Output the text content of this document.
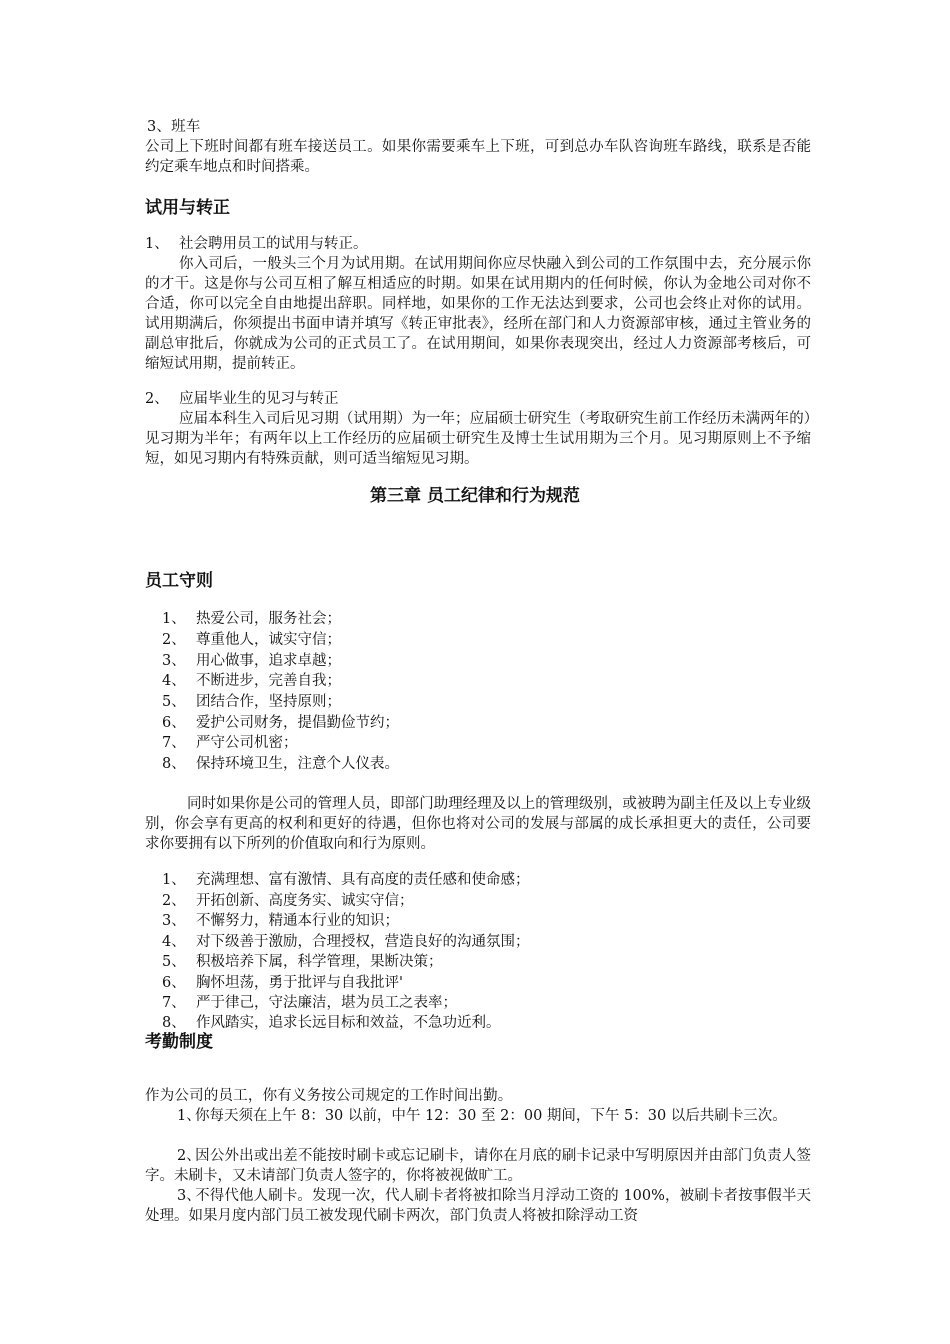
3、班车
公司上下班时间都有班车接送员工。如果你需要乘车上下班，可到总办车队咨询班车路线，联系是否能约定乘车地点和时间搭乘。
试用与转正
1、 社会聘用员工的试用与转正。
你入司后，一般头三个月为试用期。在试用期间你应尽快融入到公司的工作氛围中去，充分展示你的才干。这是你与公司互相了解互相适应的时期。如果在试用期内的任何时候，你认为金地公司对你不合适，你可以完全自由地提出辞职。同样地，如果你的工作无法达到要求，公司也会终止对你的试用。试用期满后，你须提出书面申请并填写《转正审批表》，经所在部门和人力资源部审核，通过主管业务的副总审批后，你就成为公司的正式员工了。在试用期间，如果你表现突出，经过人力资源部考核后，可缩短试用期，提前转正。
2、 应届毕业生的见习与转正
应届本科生入司后见习期（试用期）为一年；应届硕士研究生（考取研究生前工作经历未满两年的）见习期为半年；有两年以上工作经历的应届硕士研究生及博士生试用期为三个月。见习期原则上不予缩短，如见习期内有特殊贡献，则可适当缩短见习期。
第三章 员工纪律和行为规范
员工守则
1、 热爱公司，服务社会；
2、 尊重他人，诚实守信；
3、 用心做事，追求卓越；
4、 不断进步，完善自我；
5、 团结合作，坚持原则；
6、 爱护公司财务，提倡勤俭节约；
7、 严守公司机密；
8、 保持环境卫生，注意个人仪表。
同时如果你是公司的管理人员，即部门助理经理及以上的管理级别，或被聘为副主任及以上专业级别，你会享有更高的权利和更好的待遇，但你也将对公司的发展与部属的成长承担更大的责任，公司要求你要拥有以下所列的价值取向和行为原则。
1、 充满理想、富有激情、具有高度的责任感和使命感；
2、 开拓创新、高度务实、诚实守信；
3、 不懈努力，精通本行业的知识；
4、 对下级善于激励，合理授权，营造良好的沟通氛围；
5、 积极培养下属，科学管理，果断决策；
6、 胸怀坦荡，勇于批评与自我批评'
7、 严于律己，守法廉洁，堪为员工之表率；
8、 作风踏实，追求长远目标和效益，不急功近利。
考勤制度
作为公司的员工，你有义务按公司规定的工作时间出勤。
1、你每天须在上午 8：30 以前，中午 12：30 至 2：00 期间，下午 5：30 以后共刷卡三次。
2、因公外出或出差不能按时刷卡或忘记刷卡，请你在月底的刷卡记录中写明原因并由部门负责人签字。未刷卡，又未请部门负责人签字的，你将被视做旷工。
3、不得代他人刷卡。发现一次，代人刷卡者将被扣除当月浮动工资的 100%，被刷卡者按事假半天处理。如果月度内部门员工被发现代刷卡两次，部门负责人将被扣除浮动工资
